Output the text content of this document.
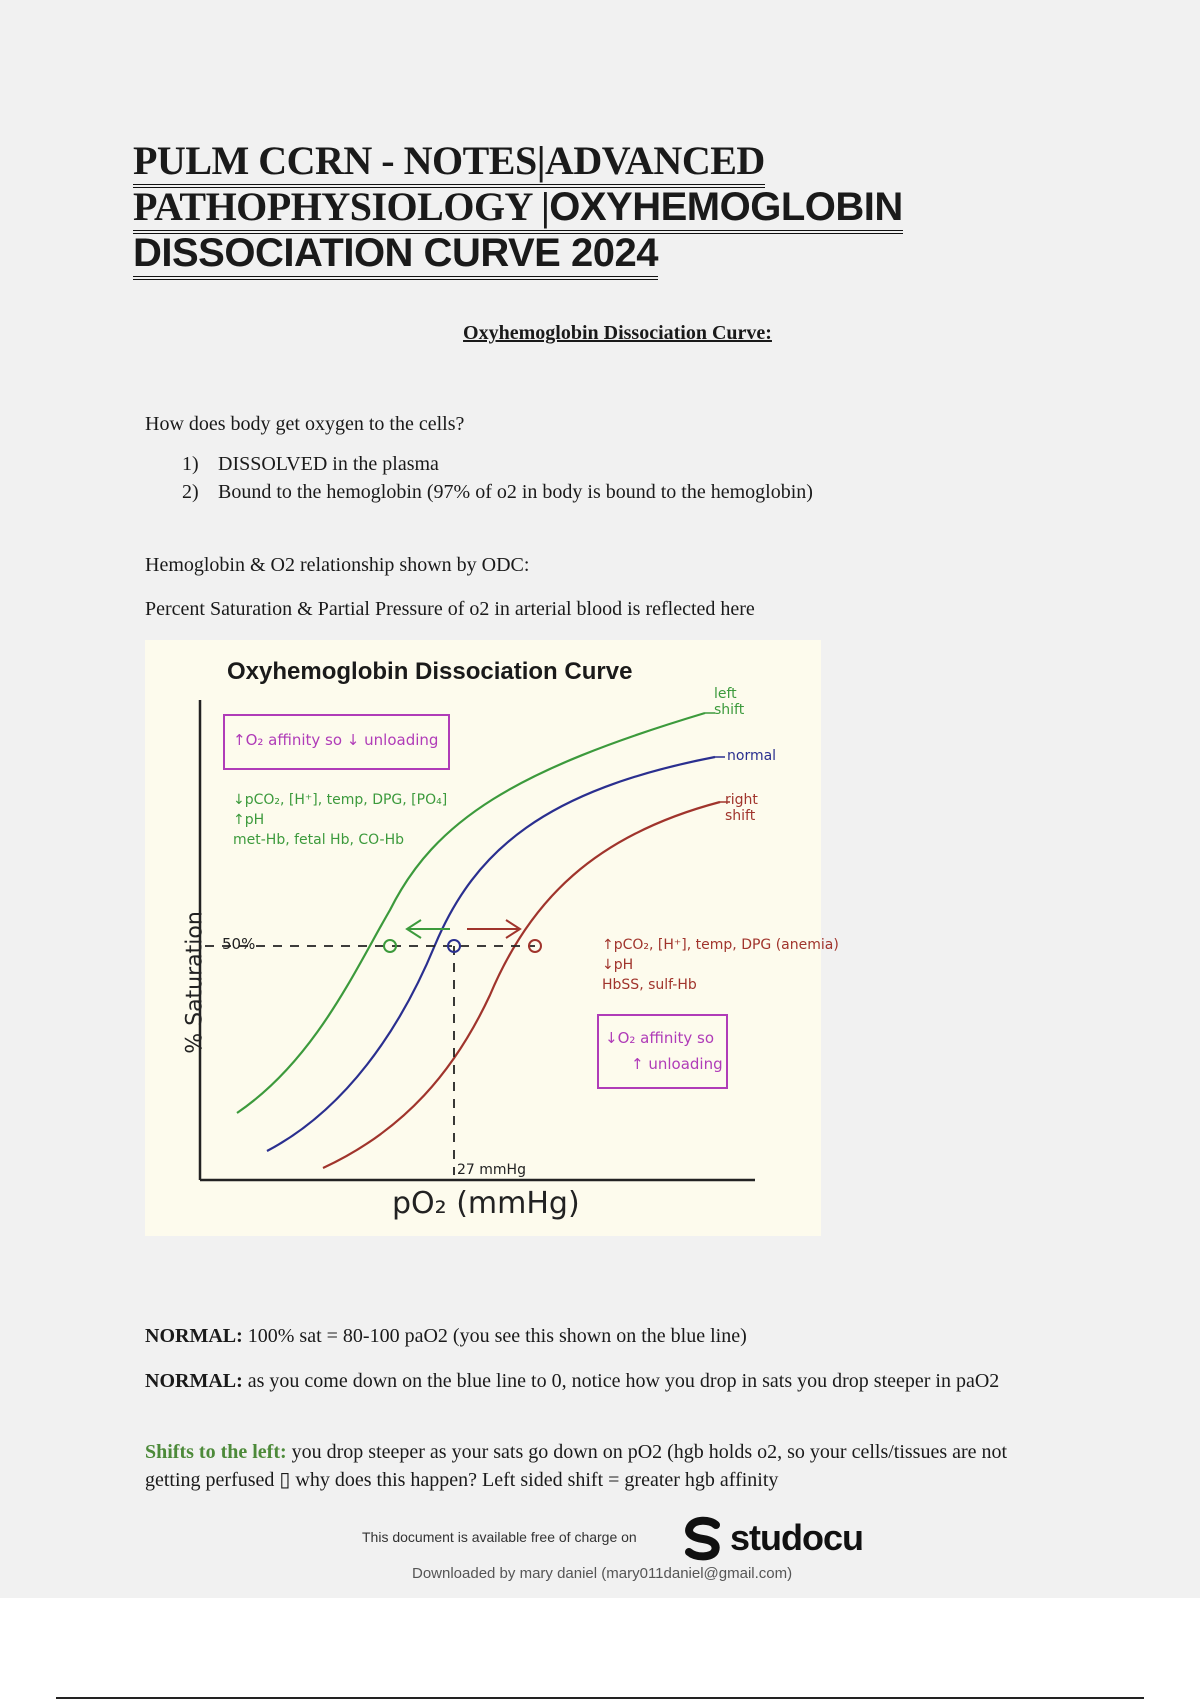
PULM CCRN - NOTES|ADVANCED
PATHOPHYSIOLOGY |OXYHEMOGLOBIN
DISSOCIATION CURVE 2024
Oxyhemoglobin Dissociation Curve:

How does body get oxygen to the cells?

1) DISSOLVED in the plasma
2) Bound to the hemoglobin (97% of o2 in body is bound to the hemoglobin)

Hemoglobin & O2 relationship shown by ODC:

Percent Saturation & Partial Pressure of o2 in arterial blood is reflected here

Oxyhemoglobin Dissociation Curve
50%
27 mmHg
pO₂ (mmHg)
% Saturation
left
shift
normal
right
shift
↑O₂ affinity so ↓ unloading
↓pCO₂, [H⁺], temp, DPG, [PO₄]
↑pH
met-Hb, fetal Hb, CO-Hb
↑pCO₂, [H⁺], temp, DPG (anemia)
↓pH
HbSS, sulf-Hb
↓O₂ affinity so
↑ unloading

NORMAL: 100% sat = 80-100 paO2 (you see this shown on the blue line)

NORMAL: as you come down on the blue line to 0, notice how you drop in sats you drop steeper in paO2

Shifts to the left: you drop steeper as your sats go down on pO2 (hgb holds o2, so your cells/tissues are not getting perfused ▯ why does this happen? Left sided shift = greater hgb affinity

This document is available free of charge on	studocu
Downloaded by mary daniel (mary011daniel@gmail.com)
